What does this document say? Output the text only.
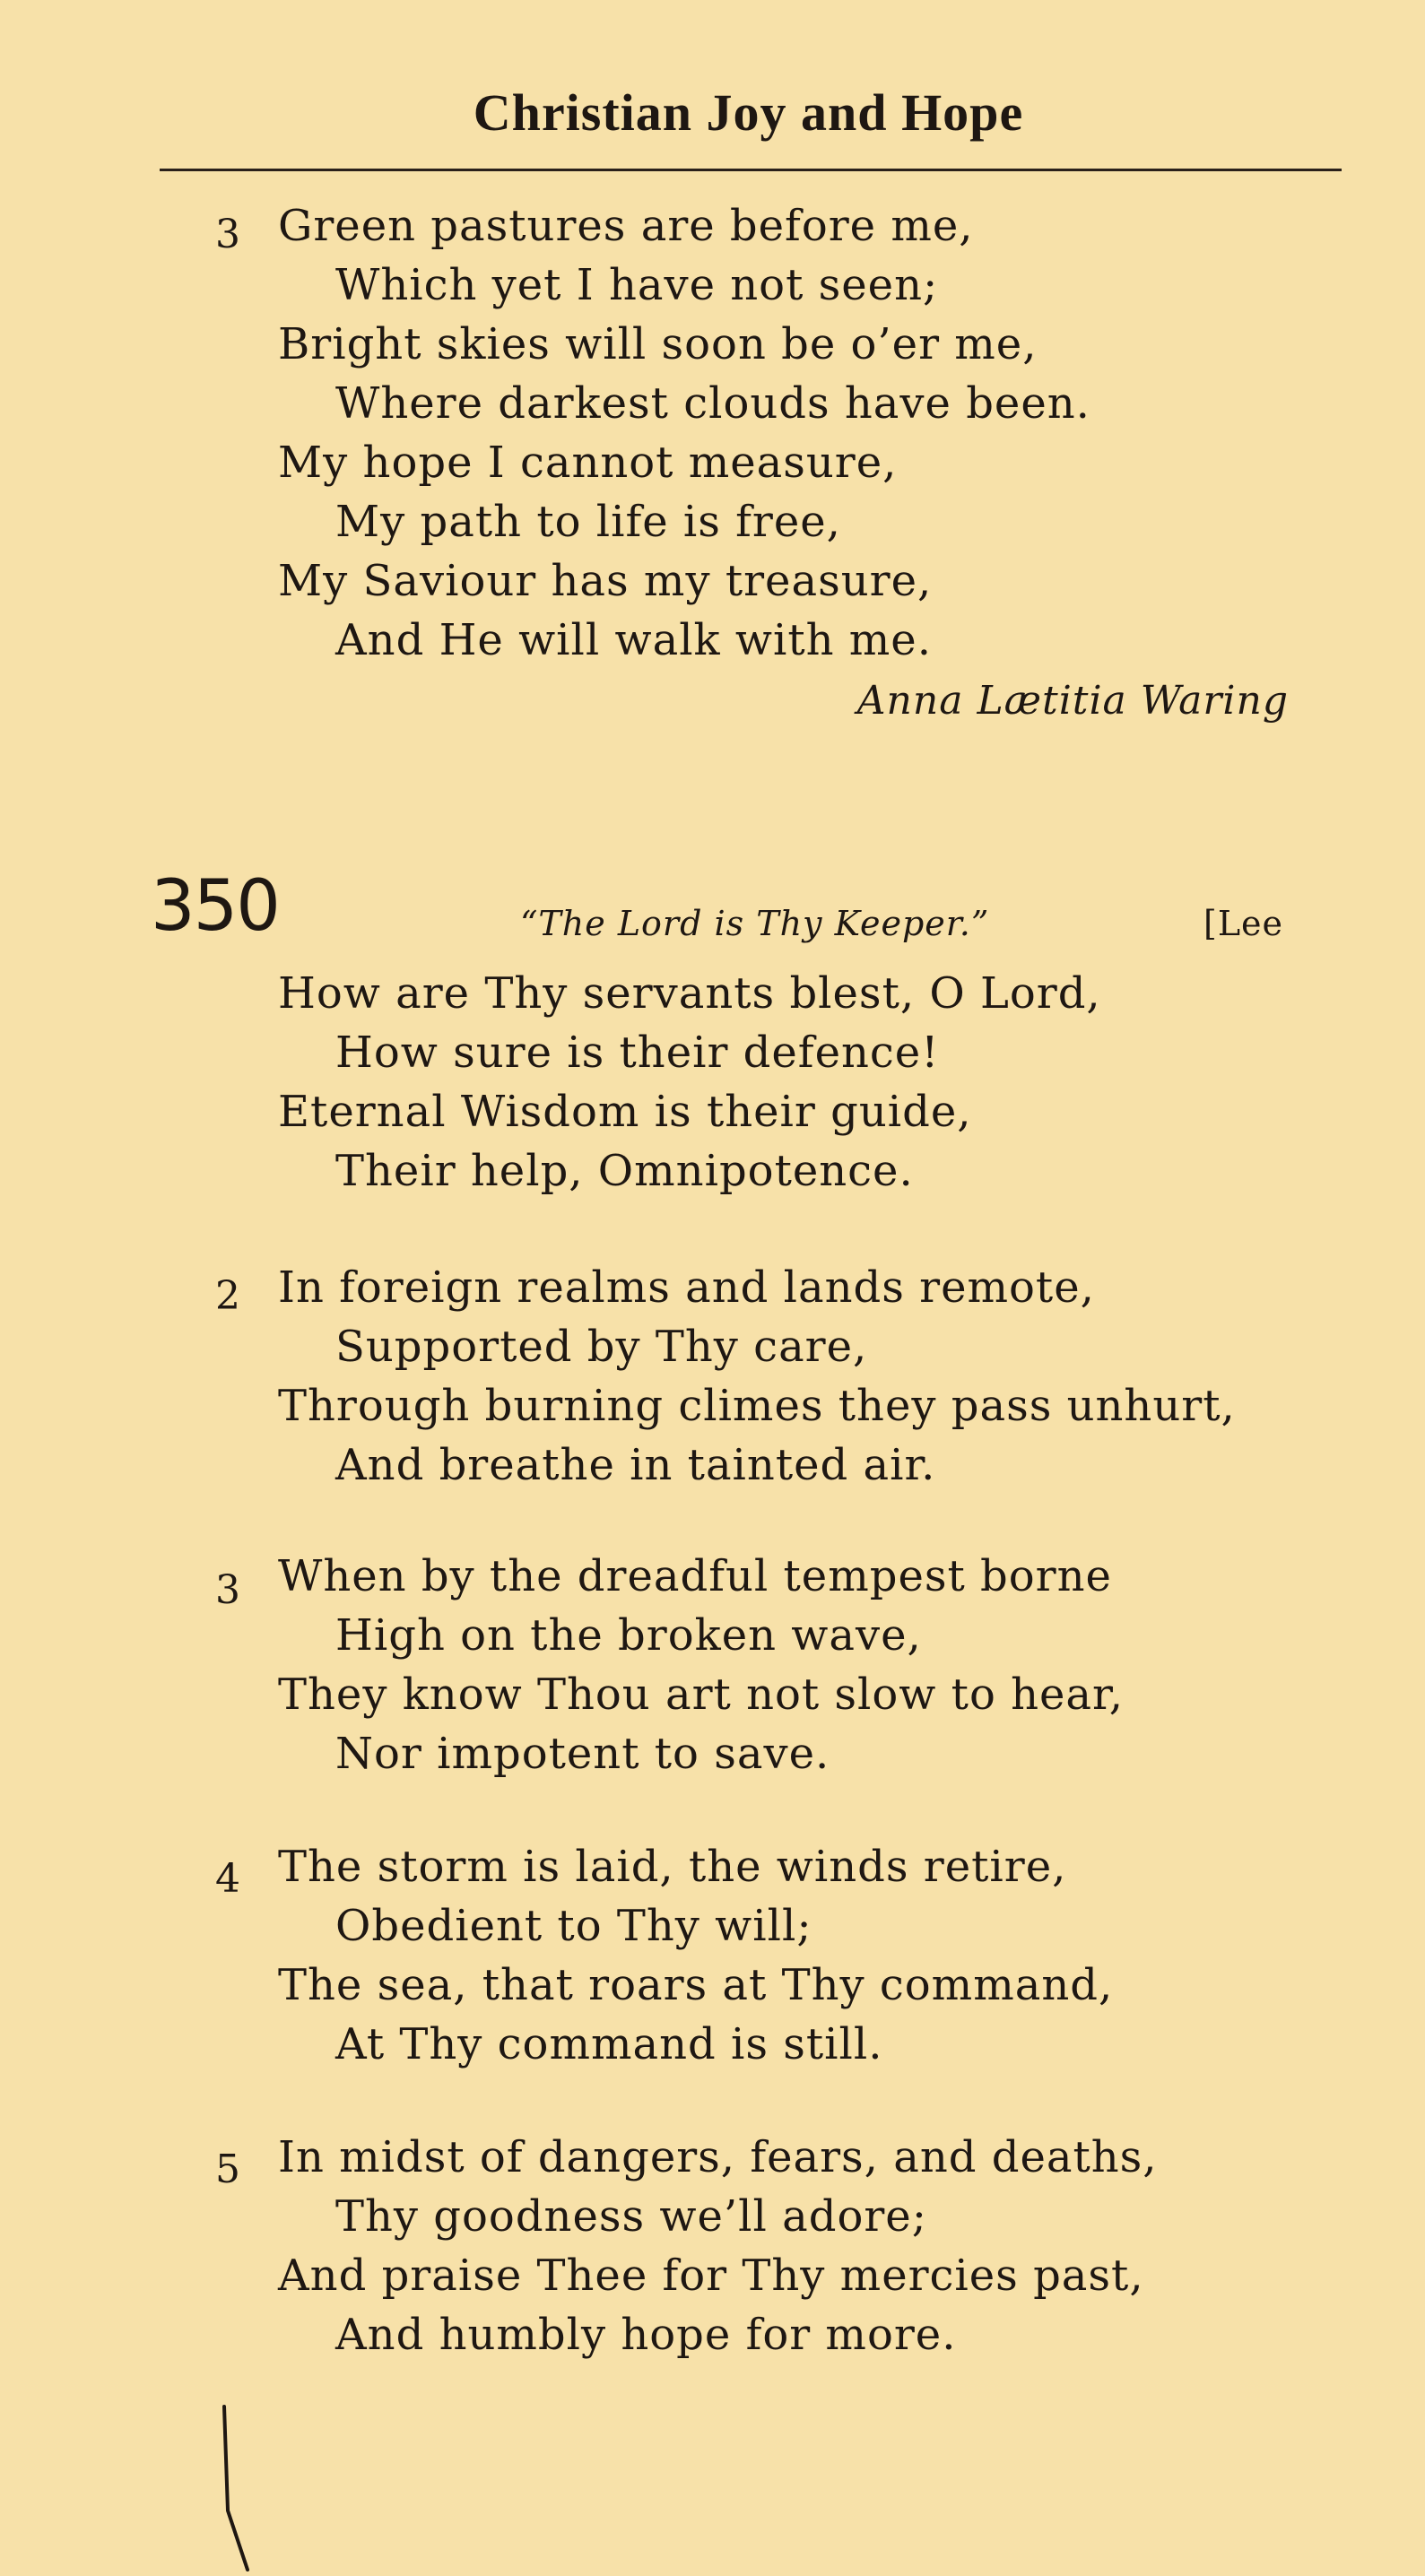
Christian Joy and Hope
3 Green pastures are before me,
Which yet I have not seen;
Bright skies will soon be o’er me,
Where darkest clouds have been.
My hope I cannot measure,
My path to life is free,
My Saviour has my treasure,
And He will walk with me.
Anna Lætitia Waring
350	“The Lord is Thy Keeper.”	[Lee
How are Thy servants blest, O Lord,
How sure is their defence!
Eternal Wisdom is their guide,
Their help, Omnipotence.
2 In foreign realms and lands remote,
Supported by Thy care,
Through burning climes they pass unhurt,
And breathe in tainted air.
3 When by the dreadful tempest borne
High on the broken wave,
They know Thou art not slow to hear,
Nor impotent to save.
4 The storm is laid, the winds retire,
Obedient to Thy will;
The sea, that roars at Thy command,
At Thy command is still.
5 In midst of dangers, fears, and deaths,
Thy goodness we’ll adore;
And praise Thee for Thy mercies past,
And humbly hope for more.
